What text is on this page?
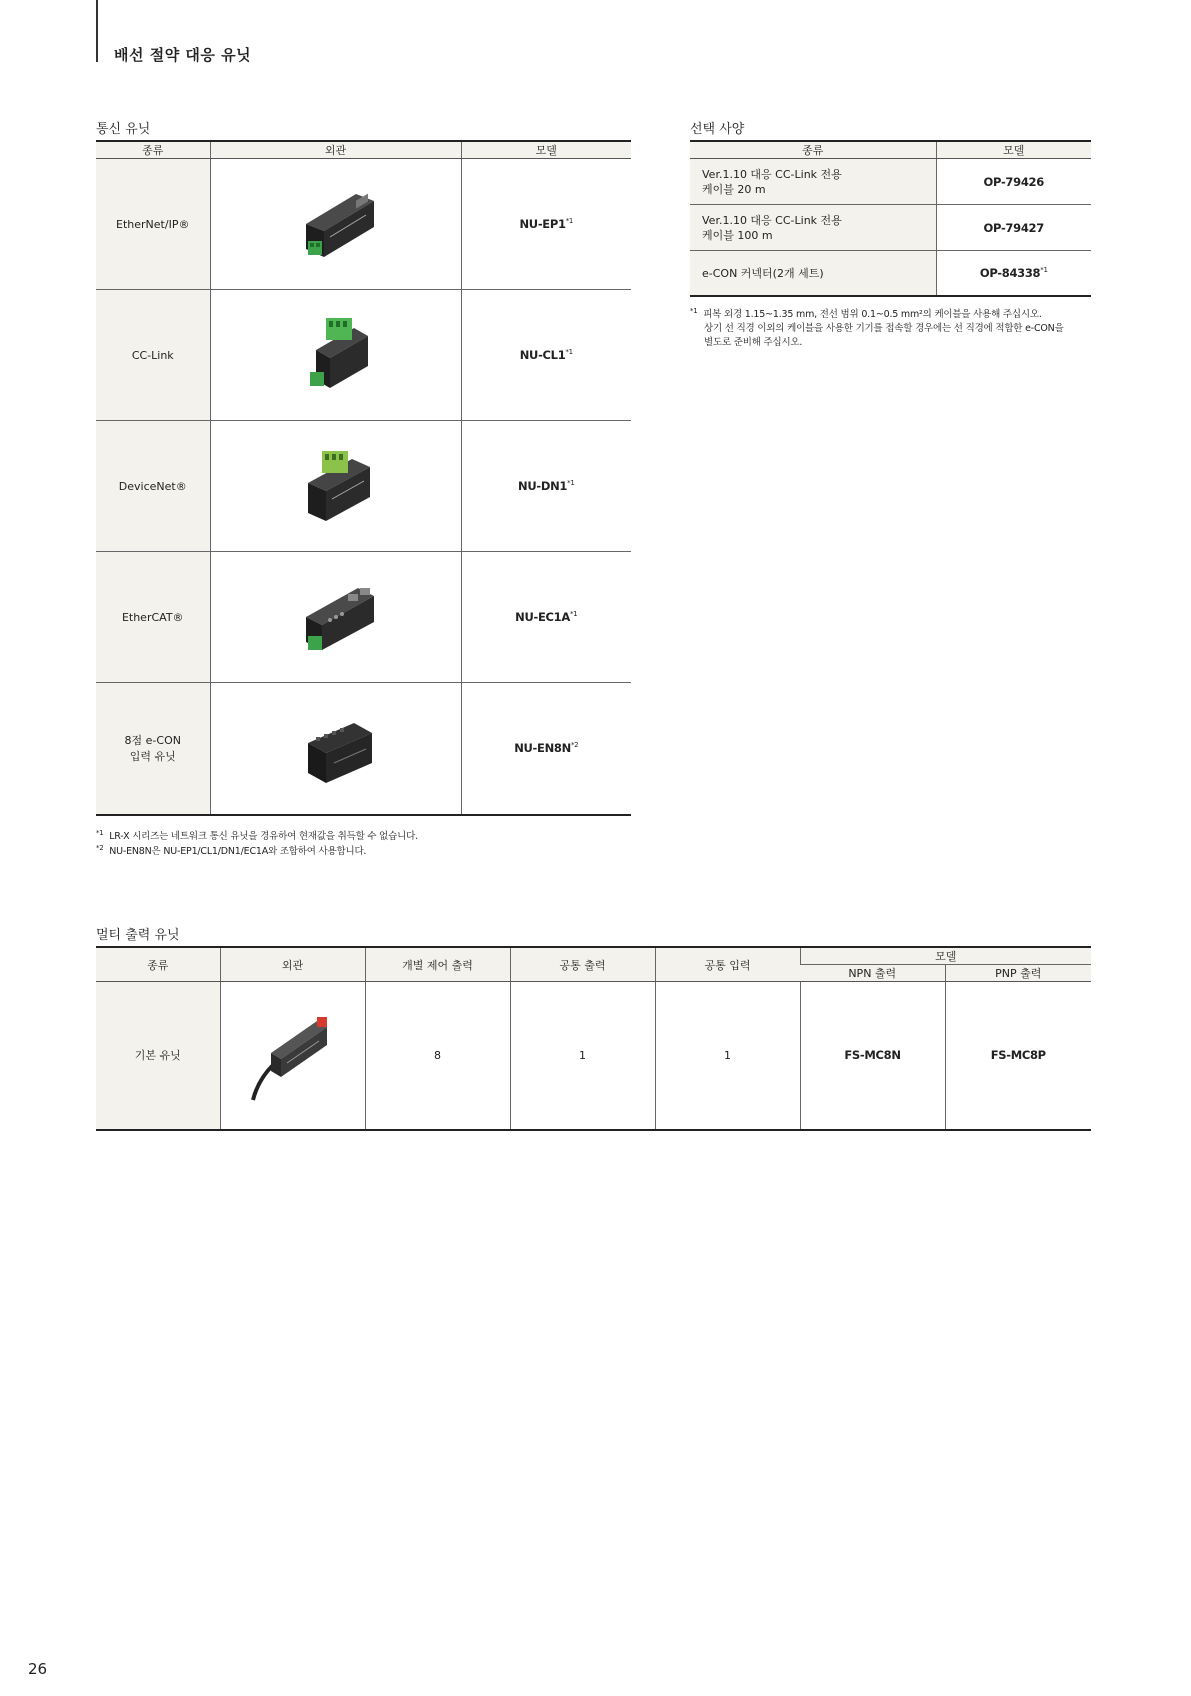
배선 절약 대응 유닛
통신 유닛
종류	외관	모델
EtherNet/IP®		NU-EP1$^{*1}$
CC-Link		NU-CL1$^{*1}$
DeviceNet®		NU-DN1$^{*1}$
EtherCAT®		$NU-EC1A^{*1}$
8점 e-CON
입력 유닛		$NU-EN8N^{*2}$
$^{*1}$ LR-X 시리즈는 네트워크 통신 유닛을 경유하여 현재값을 취득할 수 없습니다.
$^{*2}$ NU-EN8N은 NU-EP1/CL1/DN1/EC1A와 조합하여 사용합니다.
선택 사양
종류	모델
Ver.1.10 대응 CC-Link 전용
케이블 20 m	OP-79426
Ver.1.10 대응 CC-Link 전용
케이블 100 m	OP-79427
e-CON 커넥터(2개 세트)	OP-84338$^{*1}$
$^{*1}$ 피복 외경 1.15~1.35 mm, 전선 범위 0.1~0.5 mm²의 케이블을 사용해 주십시오.
상기 선 직경 이외의 케이블을 사용한 기기를 접속할 경우에는 선 직경에 적합한 e-CON을
별도로 준비해 주십시오.
멀티 출력 유닛
종류	외관	개별 제어 출력	공통 출력	공통 입력	모델	
					NPN 출력	PNP 출력
기본 유닛		8	1	1	FS-MC8N	FS-MC8P
26
